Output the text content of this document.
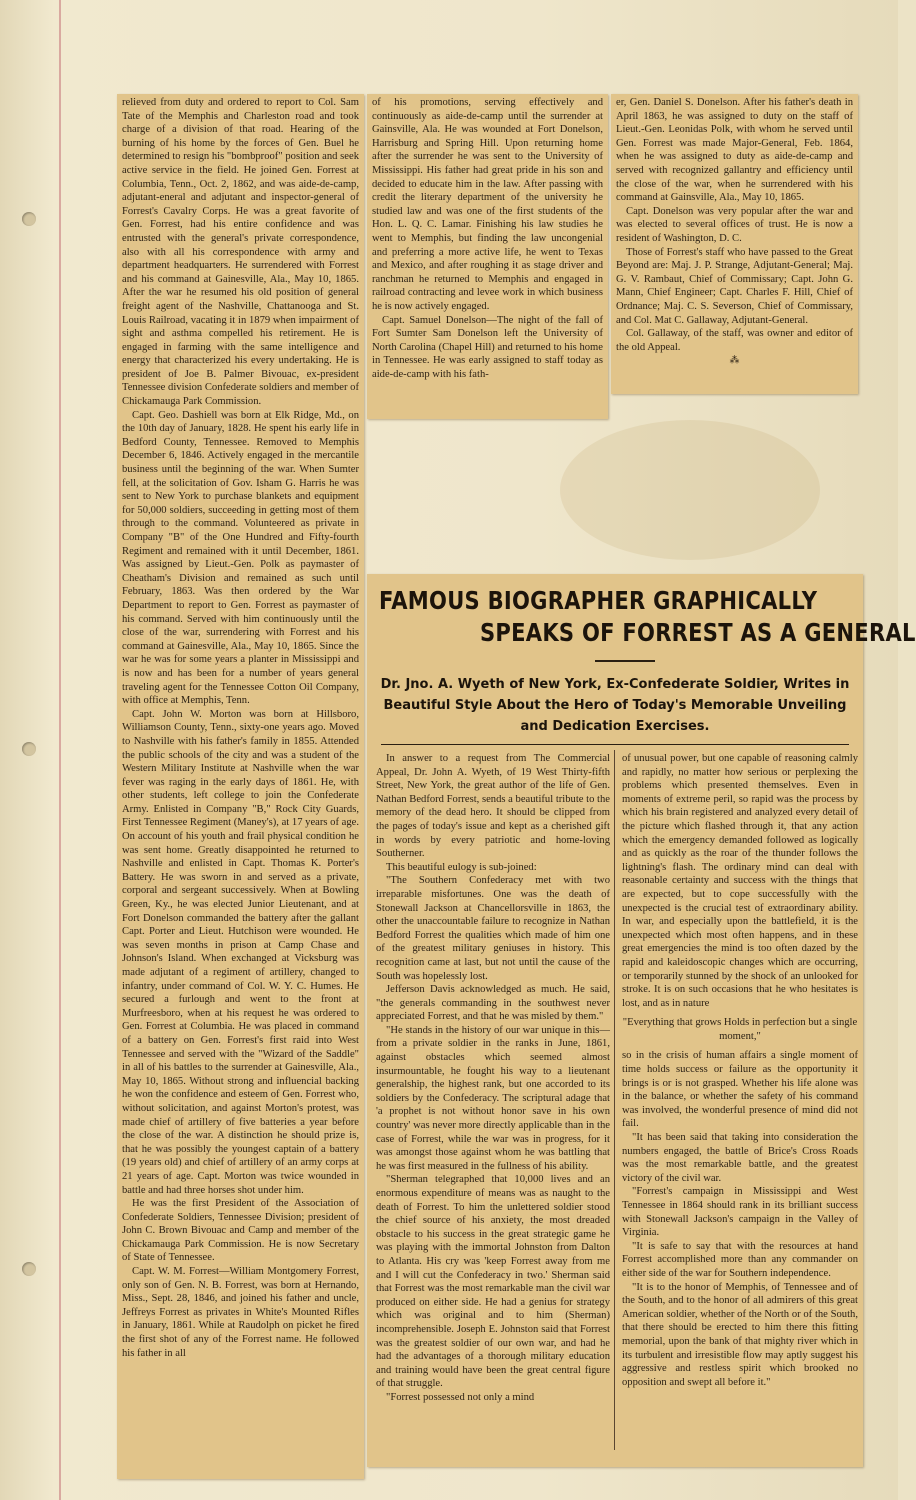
relieved from duty and ordered to report to Col. Sam Tate of the Memphis and Charleston road and took charge of a division of that road. Hearing of the burning of his home by the forces of Gen. Buel he determined to resign his "bombproof" position and seek active service in the field. He joined Gen. Forrest at Columbia, Tenn., Oct. 2, 1862, and was aide-de-camp, adjutant-eneral and adjutant and inspector-general of Forrest's Cavalry Corps. He was a great favorite of Gen. Forrest, had his entire confidence and was entrusted with the general's private correspondence, also with all his correspondence with army and department headquarters. He surrendered with Forrest and his command at Gainesville, Ala., May 10, 1865. After the war he resumed his old position of general freight agent of the Nashville, Chattanooga and St. Louis Railroad, vacating it in 1879 when impairment of sight and asthma compelled his retirement. He is engaged in farming with the same intelligence and energy that characterized his every undertaking. He is president of Joe B. Palmer Bivouac, ex-president Tennessee division Confederate soldiers and member of Chickamauga Park Commission.

Capt. Geo. Dashiell was born at Elk Ridge, Md., on the 10th day of January, 1828. He spent his early life in Bedford County, Tennessee. Removed to Memphis December 6, 1846. Actively engaged in the mercantile business until the beginning of the war. When Sumter fell, at the solicitation of Gov. Isham G. Harris he was sent to New York to purchase blankets and equipment for 50,000 soldiers, succeeding in getting most of them through to the command. Volunteered as private in Company "B" of the One Hundred and Fifty-fourth Regiment and remained with it until December, 1861. Was assigned by Lieut.-Gen. Polk as paymaster of Cheatham's Division and remained as such until February, 1863. Was then ordered by the War Department to report to Gen. Forrest as paymaster of his command. Served with him continuously until the close of the war, surrendering with Forrest and his command at Gainesville, Ala., May 10, 1865. Since the war he was for some years a planter in Mississippi and is now and has been for a number of years general traveling agent for the Tennessee Cotton Oil Company, with office at Memphis, Tenn.

Capt. John W. Morton was born at Hillsboro, Williamson County, Tenn., sixty-one years ago. Moved to Nashville with his father's family in 1855. Attended the public schools of the city and was a student of the Western Military Institute at Nashville when the war fever was raging in the early days of 1861. He, with other students, left college to join the Confederate Army. Enlisted in Company "B," Rock City Guards, First Tennessee Regiment (Maney's), at 17 years of age. On account of his youth and frail physical condition he was sent home. Greatly disappointed he returned to Nashville and enlisted in Capt. Thomas K. Porter's Battery. He was sworn in and served as a private, corporal and sergeant successively. When at Bowling Green, Ky., he was elected Junior Lieutenant, and at Fort Donelson commanded the battery after the gallant Capt. Porter and Lieut. Hutchison were wounded. He was seven months in prison at Camp Chase and Johnson's Island. When exchanged at Vicksburg was made adjutant of a regiment of artillery, changed to infantry, under command of Col. W. Y. C. Humes. He secured a furlough and went to the front at Murfreesboro, when at his request he was ordered to Gen. Forrest at Columbia. He was placed in command of a battery on Gen. Forrest's first raid into West Tennessee and served with the "Wizard of the Saddle" in all of his battles to the surrender at Gainesville, Ala., May 10, 1865. Without strong and influencial backing he won the confidence and esteem of Gen. Forrest who, without solicitation, and against Morton's protest, was made chief of artillery of five batteries a year before the close of the war. A distinction he should prize is, that he was possibly the youngest captain of a battery (19 years old) and chief of artillery of an army corps at 21 years of age. Capt. Morton was twice wounded in battle and had three horses shot under him.

He was the first President of the Association of Confederate Soldiers, Tennessee Division; president of John C. Brown Bivouac and Camp and member of the Chickamauga Park Commission. He is now Secretary of State of Tennessee.

Capt. W. M. Forrest—William Montgomery Forrest, only son of Gen. N. B. Forrest, was born at Hernando, Miss., Sept. 28, 1846, and joined his father and uncle, Jeffreys Forrest as privates in White's Mounted Rifles in January, 1861. While at Raudolph on picket he fired the first shot of any of the Forrest name. He followed his father in all

of his promotions, serving effectively and continuously as aide-de-camp until the surrender at Gainsville, Ala. He was wounded at Fort Donelson, Harrisburg and Spring Hill. Upon returning home after the surrender he was sent to the University of Mississippi. His father had great pride in his son and decided to educate him in the law. After passing with credit the literary department of the university he studied law and was one of the first students of the Hon. L. Q. C. Lamar. Finishing his law studies he went to Memphis, but finding the law uncongenial and preferring a more active life, he went to Texas and Mexico, and after roughing it as stage driver and ranchman he returned to Memphis and engaged in railroad contracting and levee work in which business he is now actively engaged.

Capt. Samuel Donelson—The night of the fall of Fort Sumter Sam Donelson left the University of North Carolina (Chapel Hill) and returned to his home in Tennessee. He was early assigned to staff today as aide-de-camp with his fath-

er, Gen. Daniel S. Donelson. After his father's death in April 1863, he was assigned to duty on the staff of Lieut.-Gen. Leonidas Polk, with whom he served until Gen. Forrest was made Major-General, Feb. 1864, when he was assigned to duty as aide-de-camp and served with recognized gallantry and efficiency until the close of the war, when he surrendered with his command at Gainsville, Ala., May 10, 1865.

Capt. Donelson was very popular after the war and was elected to several offices of trust. He is now a resident of Washington, D. C.

Those of Forrest's staff who have passed to the Great Beyond are: Maj. J. P. Strange, Adjutant-General; Maj. G. V. Rambaut, Chief of Commissary; Capt. John G. Mann, Chief Engineer; Capt. Charles F. Hill, Chief of Ordnance; Maj. C. S. Severson, Chief of Commissary, and Col. Mat C. Gallaway, Adjutant-General.

Col. Gallaway, of the staff, was owner and editor of the old Appeal.

⁂
FAMOUS BIOGRAPHER GRAPHICALLY
SPEAKS OF FORREST AS A GENERAL
Dr. Jno. A. Wyeth of New York, Ex-Confederate Soldier, Writes in Beautiful Style About the Hero of Today's Memorable Unveiling and Dedication Exercises.

In answer to a request from The Commercial Appeal, Dr. John A. Wyeth, of 19 West Thirty-fifth Street, New York, the great author of the life of Gen. Nathan Bedford Forrest, sends a beautiful tribute to the memory of the dead hero. It should be clipped from the pages of today's issue and kept as a cherished gift in words by every patriotic and home-loving Southerner.

This beautiful eulogy is sub-joined:

"The Southern Confederacy met with two irreparable misfortunes. One was the death of Stonewall Jackson at Chancellorsville in 1863, the other the unaccountable failure to recognize in Nathan Bedford Forrest the qualities which made of him one of the greatest military geniuses in history. This recognition came at last, but not until the cause of the South was hopelessly lost.

Jefferson Davis acknowledged as much. He said, "the generals commanding in the southwest never appreciated Forrest, and that he was misled by them."

"He stands in the history of our war unique in this—from a private soldier in the ranks in June, 1861, against obstacles which seemed almost insurmountable, he fought his way to a lieutenant generalship, the highest rank, but one accorded to its soldiers by the Confederacy. The scriptural adage that 'a prophet is not without honor save in his own country' was never more directly applicable than in the case of Forrest, while the war was in progress, for it was amongst those against whom he was battling that he was first measured in the fullness of his ability.

"Sherman telegraphed that 10,000 lives and an enormous expenditure of means was as naught to the death of Forrest. To him the unlettered soldier stood the chief source of his anxiety, the most dreaded obstacle to his success in the great strategic game he was playing with the immortal Johnston from Dalton to Atlanta. His cry was 'keep Forrest away from me and I will cut the Confederacy in two.' Sherman said that Forrest was the most remarkable man the civil war produced on either side. He had a genius for strategy which was original and to him (Sherman) incomprehensible. Joseph E. Johnston said that Forrest was the greatest soldier of our own war, and had he had the advantages of a thorough military education and training would have been the great central figure of that struggle.

"Forrest possessed not only a mind

of unusual power, but one capable of reasoning calmly and rapidly, no matter how serious or perplexing the problems which presented themselves. Even in moments of extreme peril, so rapid was the process by which his brain registered and analyzed every detail of the picture which flashed through it, that any action which the emergency demanded followed as logically and as quickly as the roar of the thunder follows the lightning's flash. The ordinary mind can deal with reasonable certainty and success with the things that are expected, but to cope successfully with the unexpected is the crucial test of extraordinary ability. In war, and especially upon the battlefield, it is the unexpected which most often happens, and in these great emergencies the mind is too often dazed by the rapid and kaleidoscopic changes which are occurring, or temporarily stunned by the shock of an unlooked for stroke. It is on such occasions that he who hesitates is lost, and as in nature

"Everything that grows Holds in perfection but a single moment,"

so in the crisis of human affairs a single moment of time holds success or failure as the opportunity it brings is or is not grasped. Whether his life alone was in the balance, or whether the safety of his command was involved, the wonderful presence of mind did not fail.

"It has been said that taking into consideration the numbers engaged, the battle of Brice's Cross Roads was the most remarkable battle, and the greatest victory of the civil war.

"Forrest's campaign in Mississippi and West Tennessee in 1864 should rank in its brilliant success with Stonewall Jackson's campaign in the Valley of Virginia.

"It is safe to say that with the resources at hand Forrest accomplished more than any commander on either side of the war for Southern independence.

"It is to the honor of Memphis, of Tennessee and of the South, and to the honor of all admirers of this great American soldier, whether of the North or of the South, that there should be erected to him there this fitting memorial, upon the bank of that mighty river which in its turbulent and irresistible flow may aptly suggest his aggressive and restless spirit which brooked no opposition and swept all before it."
